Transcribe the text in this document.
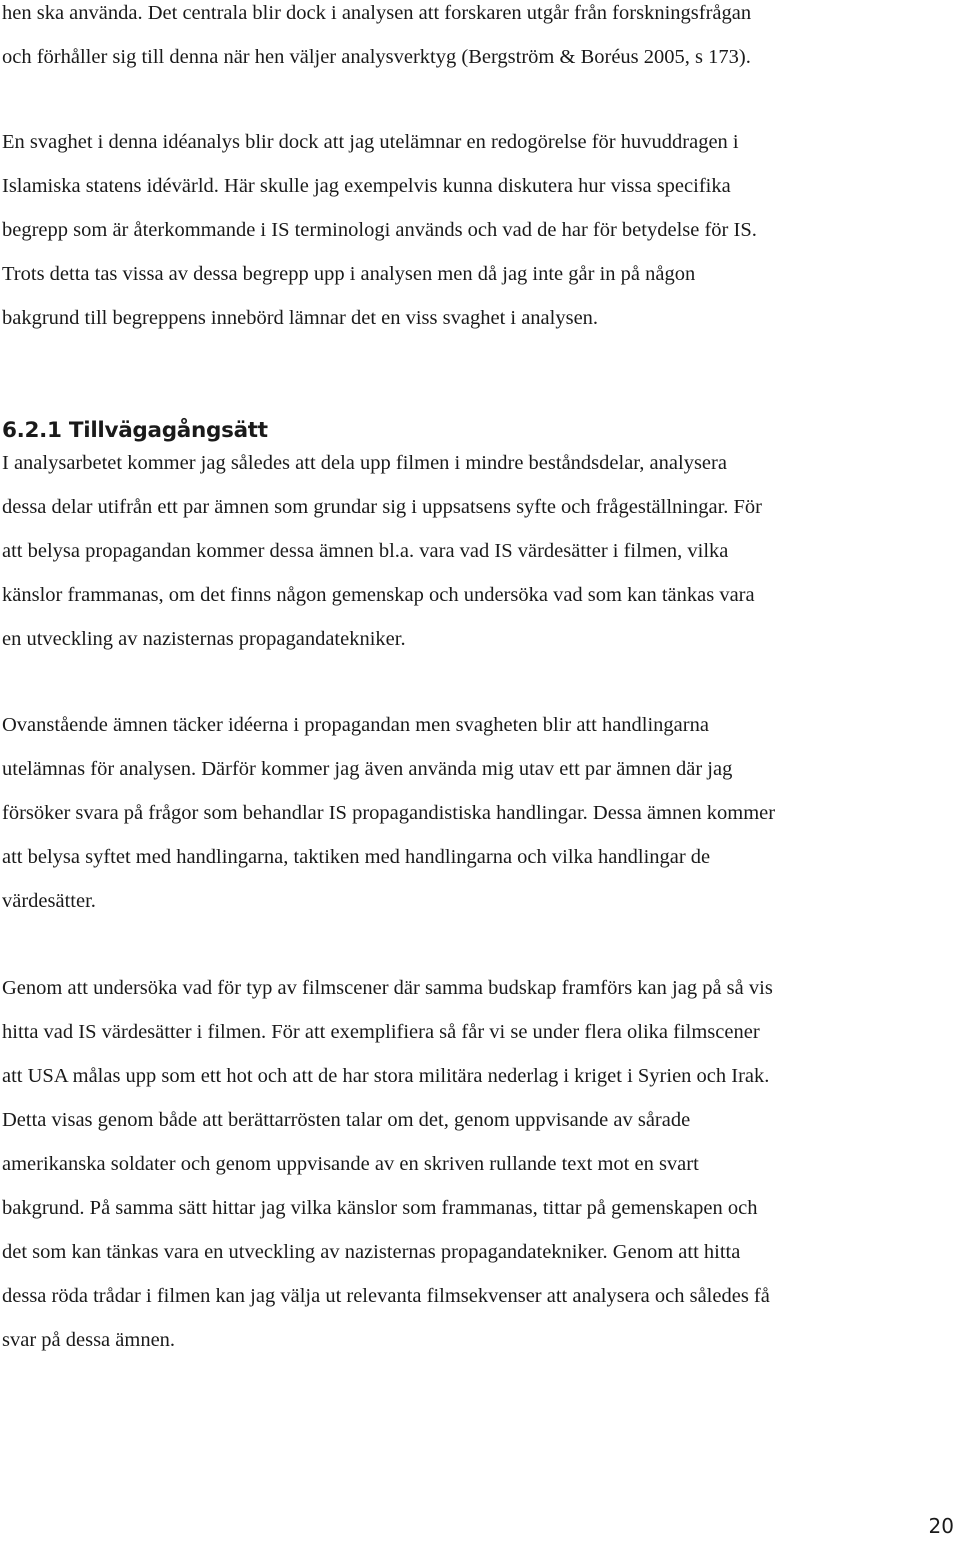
hen ska använda. Det centrala blir dock i analysen att forskaren utgår från forskningsfrågan
och förhåller sig till denna när hen väljer analysverktyg (Bergström & Boréus 2005, s 173).

En svaghet i denna idéanalys blir dock att jag utelämnar en redogörelse för huvuddragen i
Islamiska statens idévärld. Här skulle jag exempelvis kunna diskutera hur vissa specifika
begrepp som är återkommande i IS terminologi används och vad de har för betydelse för IS.
Trots detta tas vissa av dessa begrepp upp i analysen men då jag inte går in på någon
bakgrund till begreppens innebörd lämnar det en viss svaghet i analysen.

6.2.1 Tillvägagångsätt

I analysarbetet kommer jag således att dela upp filmen i mindre beståndsdelar, analysera
dessa delar utifrån ett par ämnen som grundar sig i uppsatsens syfte och frågeställningar. För
att belysa propagandan kommer dessa ämnen bl.a. vara vad IS värdesätter i filmen, vilka
känslor frammanas, om det finns någon gemenskap och undersöka vad som kan tänkas vara
en utveckling av nazisternas propagandatekniker.

Ovanstående ämnen täcker idéerna i propagandan men svagheten blir att handlingarna
utelämnas för analysen. Därför kommer jag även använda mig utav ett par ämnen där jag
försöker svara på frågor som behandlar IS propagandistiska handlingar. Dessa ämnen kommer
att belysa syftet med handlingarna, taktiken med handlingarna och vilka handlingar de
värdesätter.

Genom att undersöka vad för typ av filmscener där samma budskap framförs kan jag på så vis
hitta vad IS värdesätter i filmen. För att exemplifiera så får vi se under flera olika filmscener
att USA målas upp som ett hot och att de har stora militära nederlag i kriget i Syrien och Irak.
Detta visas genom både att berättarrösten talar om det, genom uppvisande av sårade
amerikanska soldater och genom uppvisande av en skriven rullande text mot en svart
bakgrund. På samma sätt hittar jag vilka känslor som frammanas, tittar på gemenskapen och
det som kan tänkas vara en utveckling av nazisternas propagandatekniker. Genom att hitta
dessa röda trådar i filmen kan jag välja ut relevanta filmsekvenser att analysera och således få
svar på dessa ämnen.

20
